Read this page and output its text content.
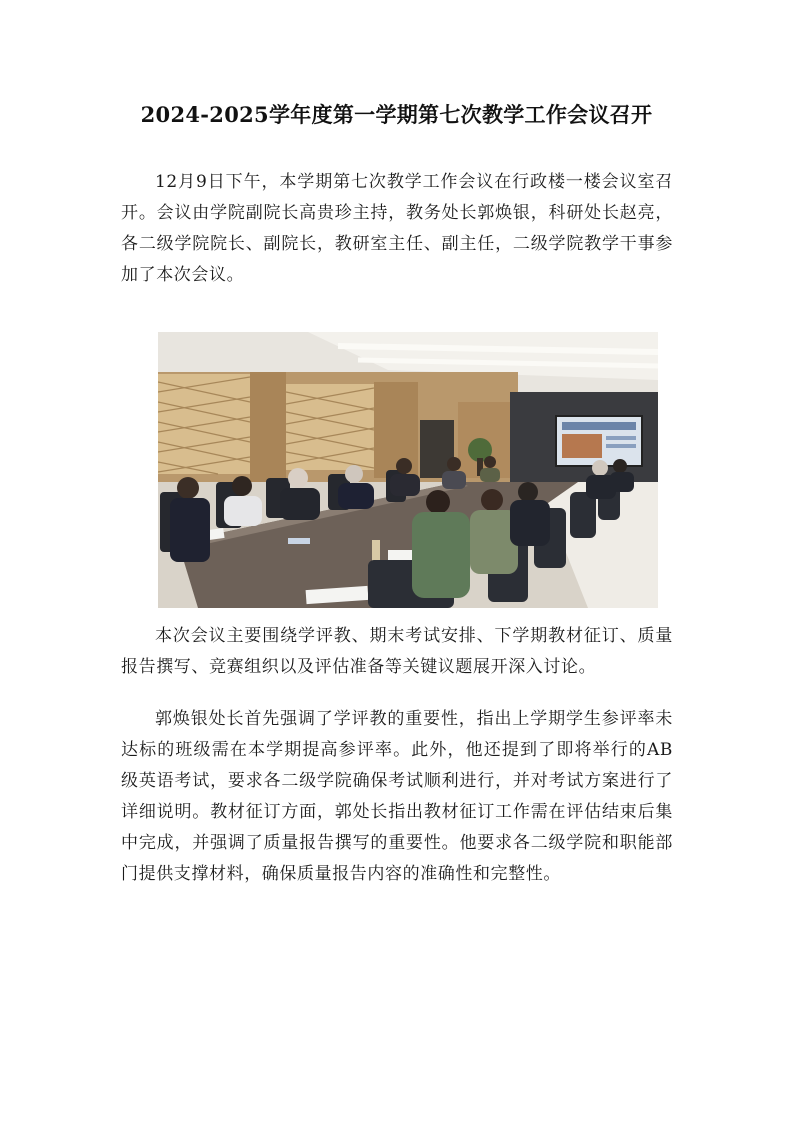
2024-2025学年度第一学期第七次教学工作会议召开

12月9日下午，本学期第七次教学工作会议在行政楼一楼会议室召开。会议由学院副院长高贵珍主持，教务处长郭焕银，科研处长赵亮，各二级学院院长、副院长，教研室主任、副主任，二级学院教学干事参加了本次会议。

本次会议主要围绕学评教、期末考试安排、下学期教材征订、质量报告撰写、竞赛组织以及评估准备等关键议题展开深入讨论。

郭焕银处长首先强调了学评教的重要性，指出上学期学生参评率未达标的班级需在本学期提高参评率。此外，他还提到了即将举行的AB级英语考试，要求各二级学院确保考试顺利进行，并对考试方案进行了详细说明。教材征订方面，郭处长指出教材征订工作需在评估结束后集中完成，并强调了质量报告撰写的重要性。他要求各二级学院和职能部门提供支撑材料，确保质量报告内容的准确性和完整性。
